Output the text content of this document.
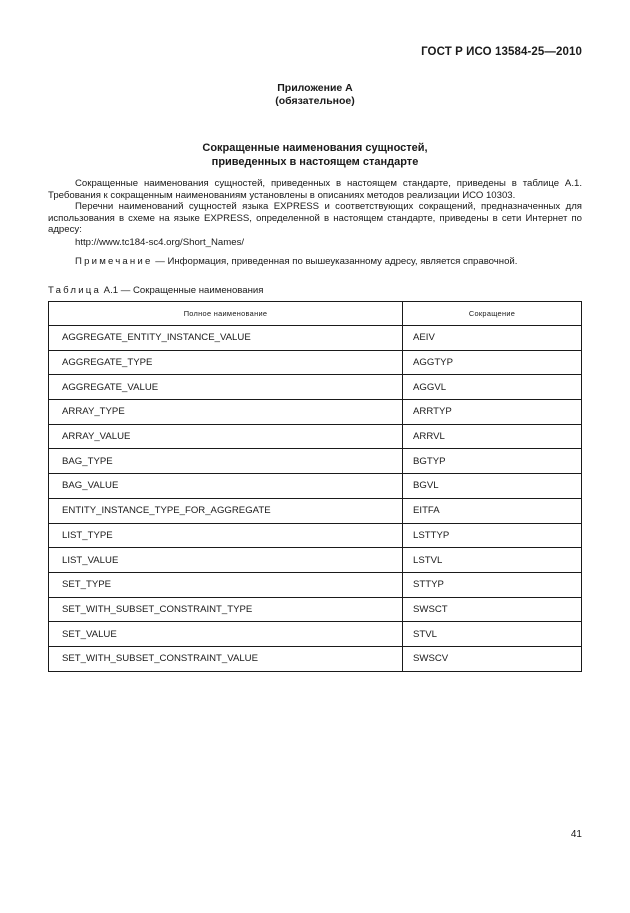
ГОСТ Р ИСО 13584-25—2010
Приложение А
(обязательное)
Сокращенные наименования сущностей,
приведенных в настоящем стандарте

Сокращенные наименования сущностей, приведенных в настоящем стандарте, приведены в таблице А.1. Требования к сокращенным наименованиям установлены в описаниях методов реализации ИСО 10303.

Перечни наименований сущностей языка EXPRESS и соответствующих сокращений, предназначенных для использования в схеме на языке EXPRESS, определенной в настоящем стандарте, приведены в сети Интернет по адресу:

http://www.tc184-sc4.org/Short_Names/

Примечание — Информация, приведенная по вышеуказанному адресу, является справочной.

Таблица А.1 — Сокращенные наименования
Полное наименование	Сокращение
AGGREGATE_ENTITY_INSTANCE_VALUE	AEIV
AGGREGATE_TYPE	AGGTYP
AGGREGATE_VALUE	AGGVL
ARRAY_TYPE	ARRTYP
ARRAY_VALUE	ARRVL
BAG_TYPE	BGTYP
BAG_VALUE	BGVL
ENTITY_INSTANCE_TYPE_FOR_AGGREGATE	EITFA
LIST_TYPE	LSTTYP
LIST_VALUE	LSTVL
SET_TYPE	STTYP
SET_WITH_SUBSET_CONSTRAINT_TYPE	SWSCT
SET_VALUE	STVL
SET_WITH_SUBSET_CONSTRAINT_VALUE	SWSCV
41
